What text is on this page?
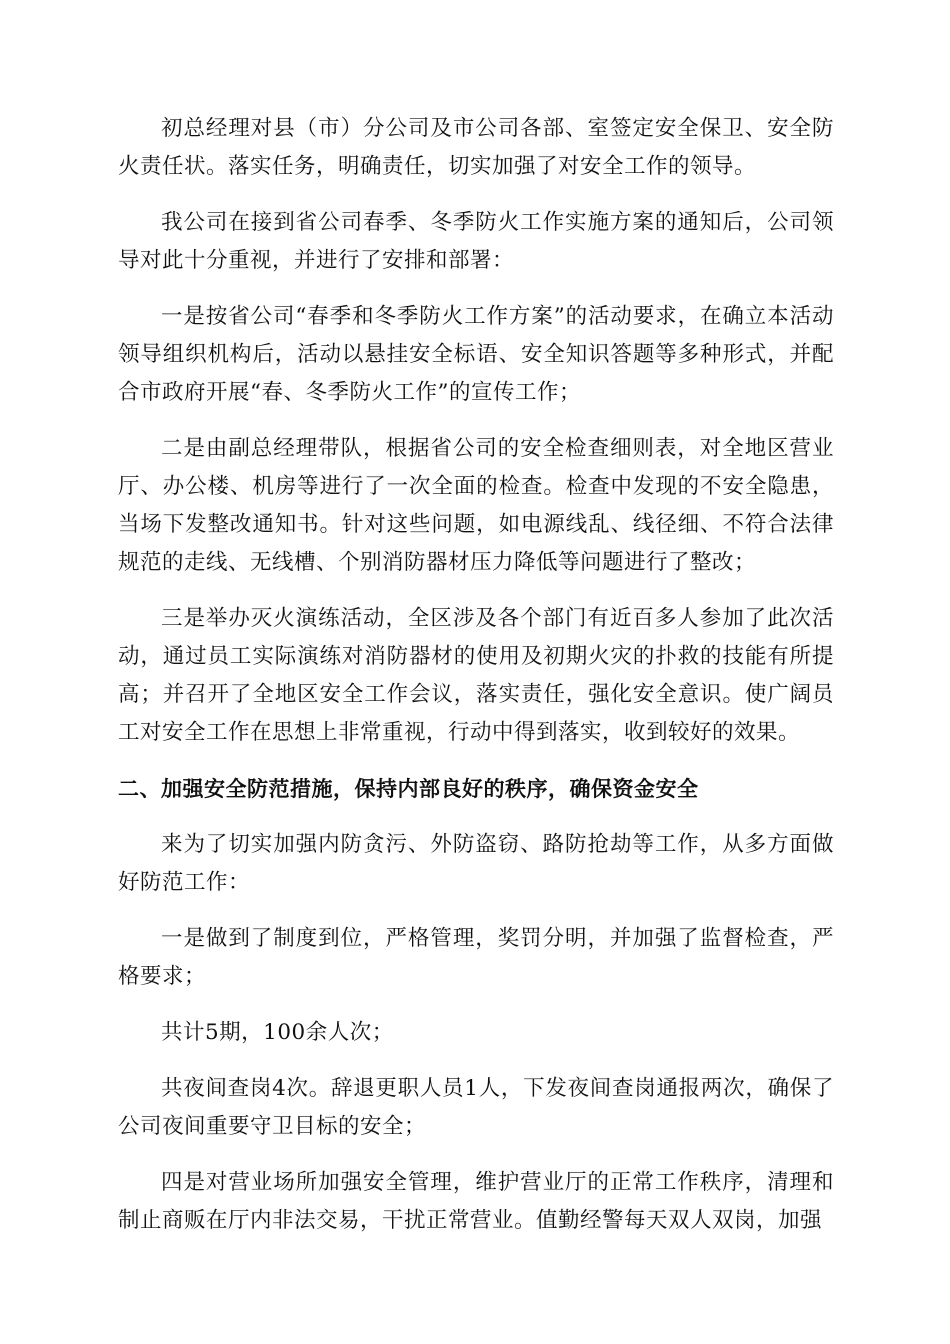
初总经理对县（市）分公司及市公司各部、室签定安全保卫、安全防火责任状。落实任务，明确责任，切实加强了对安全工作的领导。

我公司在接到省公司春季、冬季防火工作实施方案的通知后，公司领导对此十分重视，并进行了安排和部署：

一是按省公司“春季和冬季防火工作方案”的活动要求，在确立本活动领导组织机构后，活动以悬挂安全标语、安全知识答题等多种形式，并配合市政府开展“春、冬季防火工作”的宣传工作；

二是由副总经理带队，根据省公司的安全检查细则表，对全地区营业厅、办公楼、机房等进行了一次全面的检查。检查中发现的不安全隐患，当场下发整改通知书。针对这些问题，如电源线乱、线径细、不符合法律规范的走线、无线槽、个别消防器材压力降低等问题进行了整改；

三是举办灭火演练活动，全区涉及各个部门有近百多人参加了此次活动，通过员工实际演练对消防器材的使用及初期火灾的扑救的技能有所提高；并召开了全地区安全工作会议，落实责任，强化安全意识。使广阔员工对安全工作在思想上非常重视，行动中得到落实，收到较好的效果。

二、加强安全防范措施，保持内部良好的秩序，确保资金安全

来为了切实加强内防贪污、外防盗窃、路防抢劫等工作，从多方面做好防范工作：

一是做到了制度到位，严格管理，奖罚分明，并加强了监督检查，严格要求；

共计5期，100余人次；

共夜间查岗4次。辞退更职人员1人，下发夜间查岗通报两次，确保了公司夜间重要守卫目标的安全；

四是对营业场所加强安全管理，维护营业厅的正常工作秩序，清理和制止商贩在厅内非法交易，干扰正常营业。值勤经警每天双人双岗，加强
